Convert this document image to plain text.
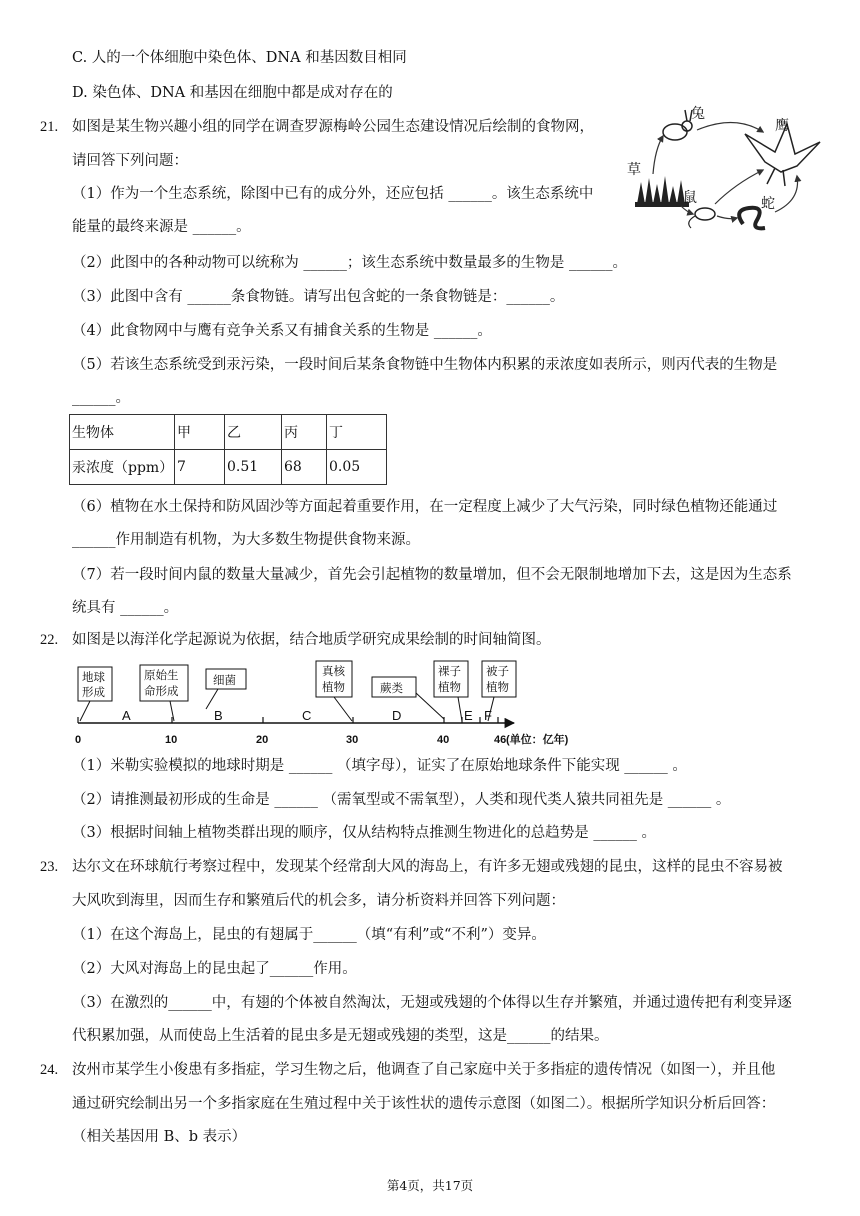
C. 人的一个体细胞中染色体、DNA 和基因数目相同
D. 染色体、DNA 和基因在细胞中都是成对存在的
21. 如图是某生物兴趣小组的同学在调查罗源梅岭公园生态建设情况后绘制的食物网，
请回答下列问题：
（1）作为一个生态系统，除图中已有的成分外，还应包括 ______。该生态系统中
能量的最终来源是 ______。
（2）此图中的各种动物可以统称为 ______；该生态系统中数量最多的生物是 ______。
（3）此图中含有 ______条食物链。请写出包含蛇的一条食物链是：______。
（4）此食物网中与鹰有竞争关系又有捕食关系的生物是 ______。
（5）若该生态系统受到汞污染，一段时间后某条食物链中生物体内积累的汞浓度如表所示，则丙代表的生物是
______。
兔
鹰
草
鼠	蛇
生物体	甲	乙	丙	丁
汞浓度（ppm）	7	0.51	68	0.05
（6）植物在水土保持和防风固沙等方面起着重要作用，在一定程度上减少了大气污染，同时绿色植物还能通过
______作用制造有机物，为大多数生物提供食物来源。
（7）若一段时间内鼠的数量大量减少，首先会引起植物的数量增加，但不会无限制地增加下去，这是因为生态系
统具有 ______。
22. 如图是以海洋化学起源说为依据，结合地质学研究成果绘制的时间轴简图。
0	10	20	30	40	46 (单位：亿年)
A	B	C	D	E F
地球
形成
原始生
命形成
细菌
真核
植物	蕨类
裸子
植物
被子
植物
（1）米勒实验模拟的地球时期是 ______ （填字母），证实了在原始地球条件下能实现 ______ 。
（2）请推测最初形成的生命是 ______ （需氧型或不需氧型），人类和现代类人猿共同祖先是 ______ 。
（3）根据时间轴上植物类群出现的顺序，仅从结构特点推测生物进化的总趋势是 ______ 。
23. 达尔文在环球航行考察过程中，发现某个经常刮大风的海岛上，有许多无翅或残翅的昆虫，这样的昆虫不容易被
大风吹到海里，因而生存和繁殖后代的机会多，请分析资料并回答下列问题：
（1）在这个海岛上，昆虫的有翅属于______（填“有利”或“不利”）变异。
（2）大风对海岛上的昆虫起了______作用。
（3）在激烈的______中，有翅的个体被自然淘汰，无翅或残翅的个体得以生存并繁殖，并通过遗传把有利变异逐
代积累加强，从而使岛上生活着的昆虫多是无翅或残翅的类型，这是______的结果。
24. 汝州市某学生小俊患有多指症，学习生物之后，他调查了自己家庭中关于多指症的遗传情况（如图一），并且他
通过研究绘制出另一个多指家庭在生殖过程中关于该性状的遗传示意图（如图二）。根据所学知识分析后回答：
（相关基因用 B、b 表示）
第4页，共17页
